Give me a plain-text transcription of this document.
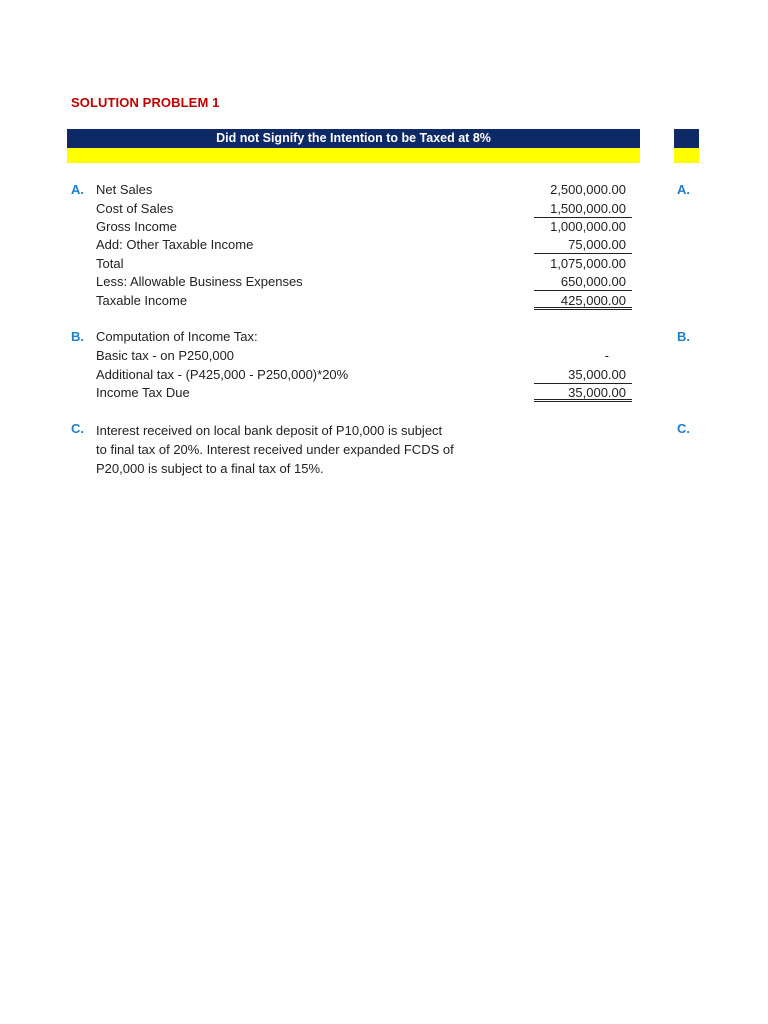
SOLUTION PROBLEM 1
Did not Signify the Intention to be Taxed at 8%
A.	A.
Net Sales	2,500,000.00
Cost of Sales	1,500,000.00
Gross Income	1,000,000.00
Add: Other Taxable Income	75,000.00
Total	1,075,000.00
Less: Allowable Business Expenses	650,000.00
Taxable Income	425,000.00
B.	B.
Computation of Income Tax:
Basic tax - on P250,000	-
Additional tax - (P425,000 - P250,000)*20%	35,000.00
Income Tax Due	35,000.00
C.	C.
Interest received on local bank deposit of P10,000 is subject
to final tax of 20%. Interest received under expanded FCDS of
P20,000 is subject to a final tax of 15%.
